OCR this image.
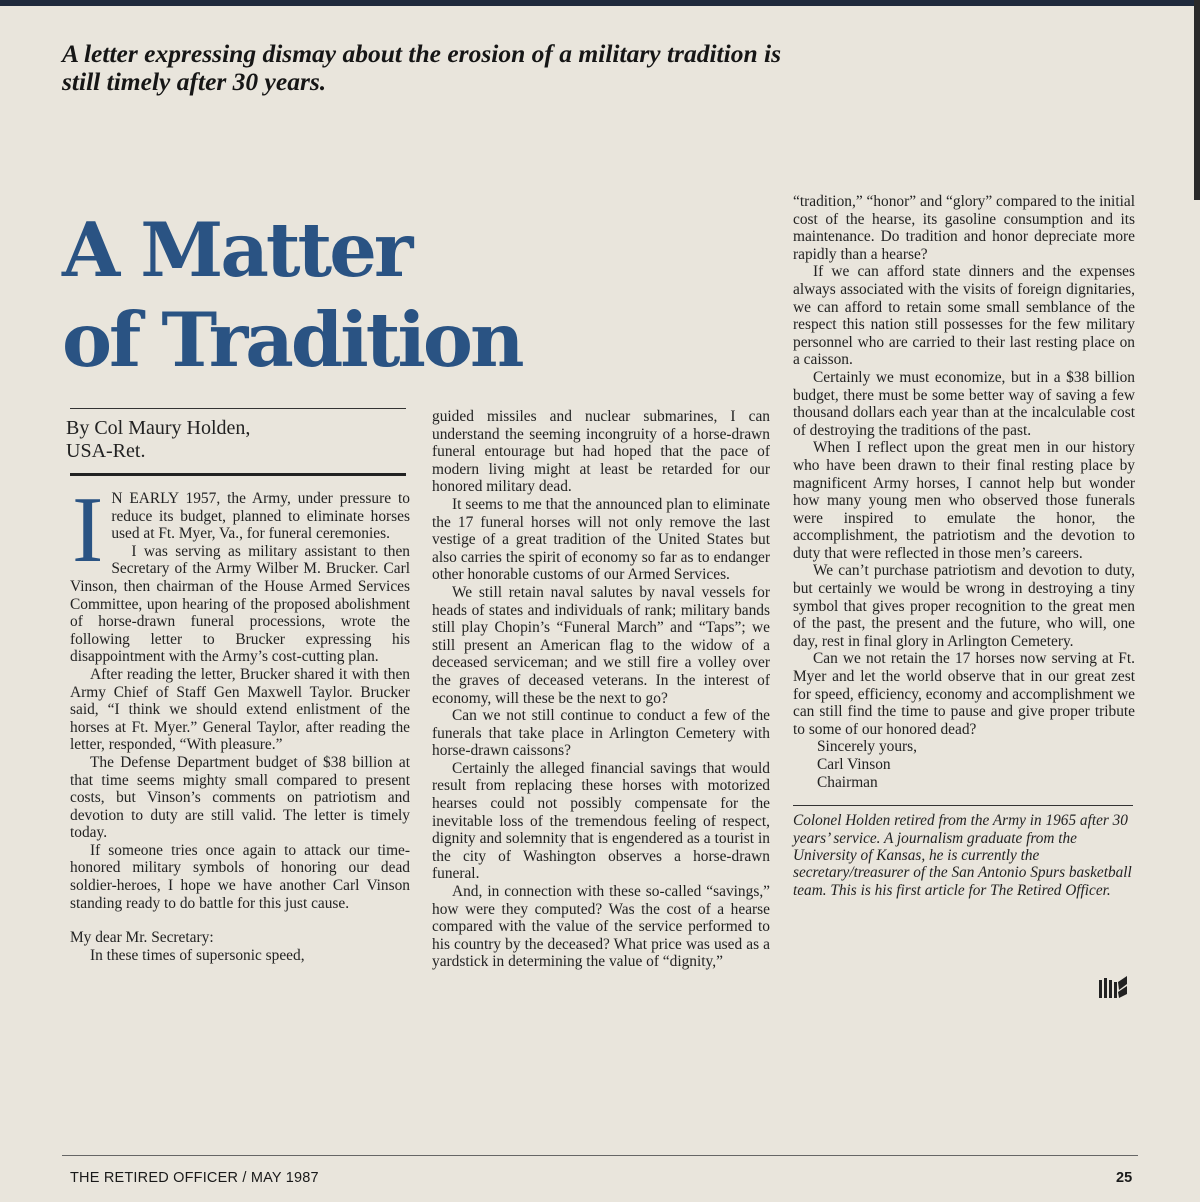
A letter expressing dismay about the erosion of a military tradition is still timely after 30 years.
A Matter
of Tradition
By Col Maury Holden,
USA-Ret.
I N EARLY 1957, the Army, under pressure to reduce its budget, planned to eliminate horses used at Ft. Myer, Va., for funeral ceremonies.

I was serving as military assistant to then Secretary of the Army Wilber M. Brucker. Carl Vinson, then chairman of the House Armed Services Committee, upon hearing of the proposed abolishment of horse-drawn funeral processions, wrote the following letter to Brucker expressing his disappointment with the Army’s cost-cutting plan.

After reading the letter, Brucker shared it with then Army Chief of Staff Gen Maxwell Taylor. Brucker said, “I think we should extend enlistment of the horses at Ft. Myer.” General Taylor, after reading the letter, responded, “With pleasure.”

The Defense Department budget of $38 billion at that time seems mighty small compared to present costs, but Vinson’s comments on patriotism and devotion to duty are still valid. The letter is timely today.

If someone tries once again to attack our time-honored military symbols of honoring our dead soldier-heroes, I hope we have another Carl Vinson standing ready to do battle for this just cause.

My dear Mr. Secretary:

In these times of supersonic speed,

guided missiles and nuclear submarines, I can understand the seeming incongruity of a horse-drawn funeral entourage but had hoped that the pace of modern living might at least be retarded for our honored military dead.

It seems to me that the announced plan to eliminate the 17 funeral horses will not only remove the last vestige of a great tradition of the United States but also carries the spirit of economy so far as to endanger other honorable customs of our Armed Services.

We still retain naval salutes by naval vessels for heads of states and individuals of rank; military bands still play Chopin’s “Funeral March” and “Taps”; we still present an American flag to the widow of a deceased serviceman; and we still fire a volley over the graves of deceased veterans. In the interest of economy, will these be the next to go?

Can we not still continue to conduct a few of the funerals that take place in Arlington Cemetery with horse-drawn caissons?

Certainly the alleged financial savings that would result from replacing these horses with motorized hearses could not possibly compensate for the inevitable loss of the tremendous feeling of respect, dignity and solemnity that is engendered as a tourist in the city of Washington observes a horse-drawn funeral.

And, in connection with these so-called “savings,” how were they computed? Was the cost of a hearse compared with the value of the service performed to his country by the deceased? What price was used as a yardstick in determining the value of “dignity,”

“tradition,” “honor” and “glory” compared to the initial cost of the hearse, its gasoline consumption and its maintenance. Do tradition and honor depreciate more rapidly than a hearse?

If we can afford state dinners and the expenses always associated with the visits of foreign dignitaries, we can afford to retain some small semblance of the respect this nation still possesses for the few military personnel who are carried to their last resting place on a caisson.

Certainly we must economize, but in a $38 billion budget, there must be some better way of saving a few thousand dollars each year than at the incalculable cost of destroying the traditions of the past.

When I reflect upon the great men in our history who have been drawn to their final resting place by magnificent Army horses, I cannot help but wonder how many young men who observed those funerals were inspired to emulate the honor, the accomplishment, the patriotism and the devotion to duty that were reflected in those men’s careers.

We can’t purchase patriotism and devotion to duty, but certainly we would be wrong in destroying a tiny symbol that gives proper recognition to the great men of the past, the present and the future, who will, one day, rest in final glory in Arlington Cemetery.

Can we not retain the 17 horses now serving at Ft. Myer and let the world observe that in our great zest for speed, efficiency, economy and accomplishment we can still find the time to pause and give proper tribute to some of our honored dead?

Sincerely yours,
Carl Vinson
Chairman
Colonel Holden retired from the Army in 1965 after 30 years’ service. A journalism graduate from the University of Kansas, he is currently the secretary/treasurer of the San Antonio Spurs basketball team. This is his first article for The Retired Officer.
THE RETIRED OFFICER / MAY 1987	25
